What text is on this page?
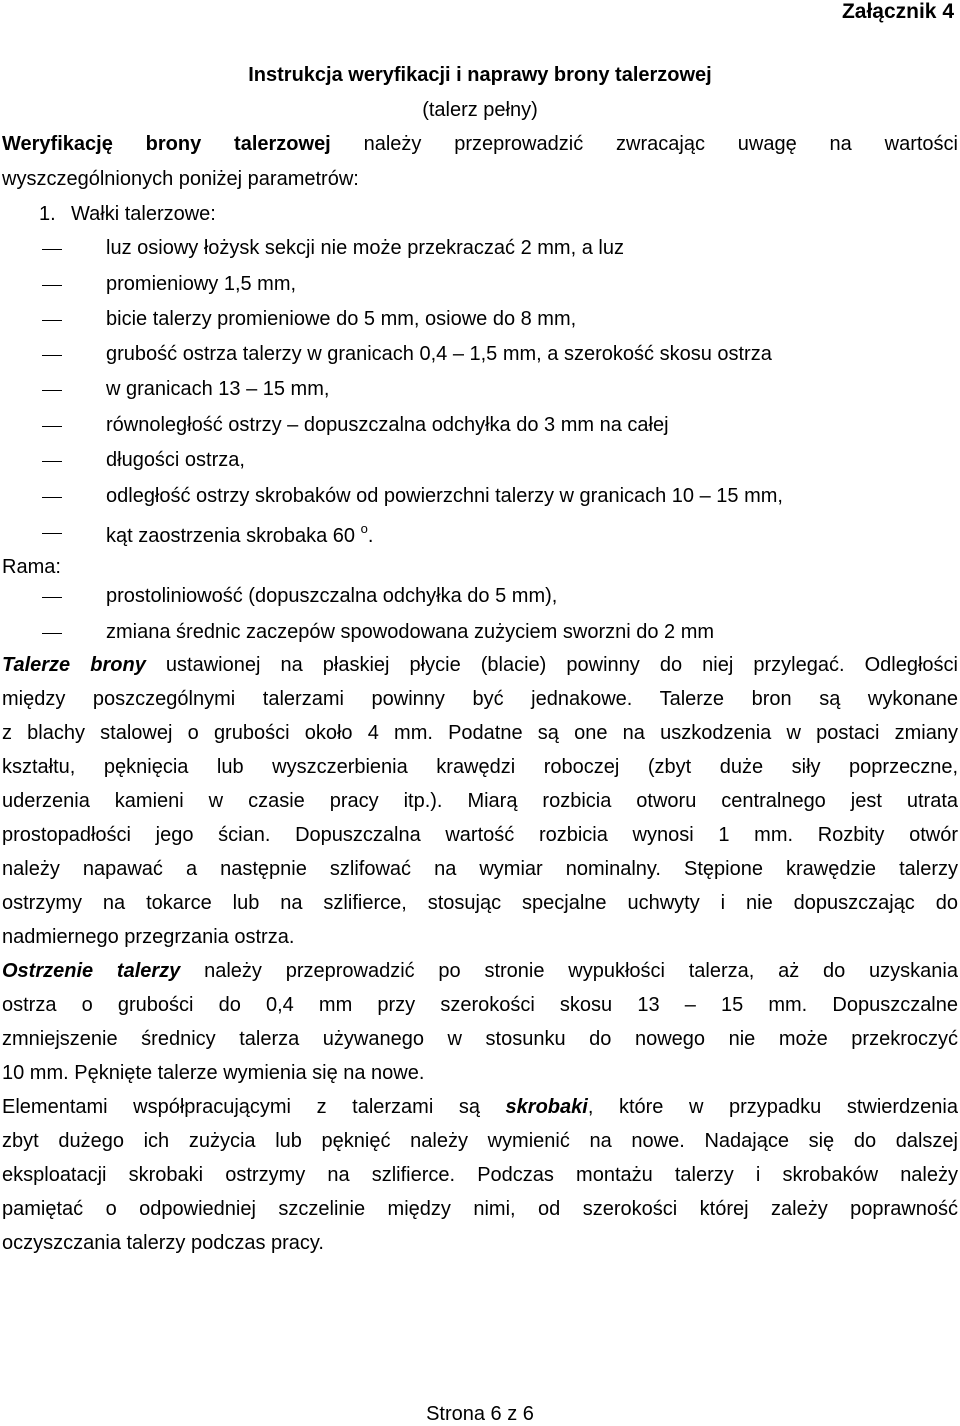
Załącznik 4
Instrukcja weryfikacji i naprawy brony talerzowej
(talerz pełny)
Weryfikację brony talerzowej należy przeprowadzić zwracając uwagę na wartości
wyszczególnionych poniżej parametrów:
1. Wałki talerzowe:
luz osiowy łożysk sekcji nie może przekraczać 2 mm, a luz
promieniowy 1,5 mm,
bicie talerzy promieniowe do 5 mm, osiowe do 8 mm,
grubość ostrza talerzy w granicach 0,4 – 1,5 mm, a szerokość skosu ostrza
w granicach 13 – 15 mm,
równoległość ostrzy – dopuszczalna odchyłka do 3 mm na całej
długości ostrza,
odległość ostrzy skrobaków od powierzchni talerzy w granicach 10 – 15 mm,
kąt zaostrzenia skrobaka 60 $^o$.
Rama:
prostoliniowość (dopuszczalna odchyłka do 5 mm),
zmiana średnic zaczepów spowodowana zużyciem sworzni do 2 mm
Talerze brony ustawionej na płaskiej płycie (blacie) powinny do niej przylegać. Odległości
między poszczególnymi talerzami powinny być jednakowe. Talerze bron są wykonane
z blachy stalowej o grubości około 4 mm. Podatne są one na uszkodzenia w postaci zmiany
kształtu, pęknięcia lub wyszczerbienia krawędzi roboczej (zbyt duże siły poprzeczne,
uderzenia kamieni w czasie pracy itp.). Miarą rozbicia otworu centralnego jest utrata
prostopadłości jego ścian. Dopuszczalna wartość rozbicia wynosi 1 mm. Rozbity otwór
należy napawać a następnie szlifować na wymiar nominalny. Stępione krawędzie talerzy
ostrzymy na tokarce lub na szlifierce, stosując specjalne uchwyty i nie dopuszczając do
nadmiernego przegrzania ostrza.
Ostrzenie talerzy należy przeprowadzić po stronie wypukłości talerza, aż do uzyskania
ostrza o grubości do 0,4 mm przy szerokości skosu 13 – 15 mm. Dopuszczalne
zmniejszenie średnicy talerza używanego w stosunku do nowego nie może przekroczyć
10 mm. Pęknięte talerze wymienia się na nowe.
Elementami współpracującymi z talerzami są skrobaki, które w przypadku stwierdzenia
zbyt dużego ich zużycia lub pęknięć należy wymienić na nowe. Nadające się do dalszej
eksploatacji skrobaki ostrzymy na szlifierce. Podczas montażu talerzy i skrobaków należy
pamiętać o odpowiedniej szczelinie między nimi, od szerokości której zależy poprawność
oczyszczania talerzy podczas pracy.
Strona 6 z 6
